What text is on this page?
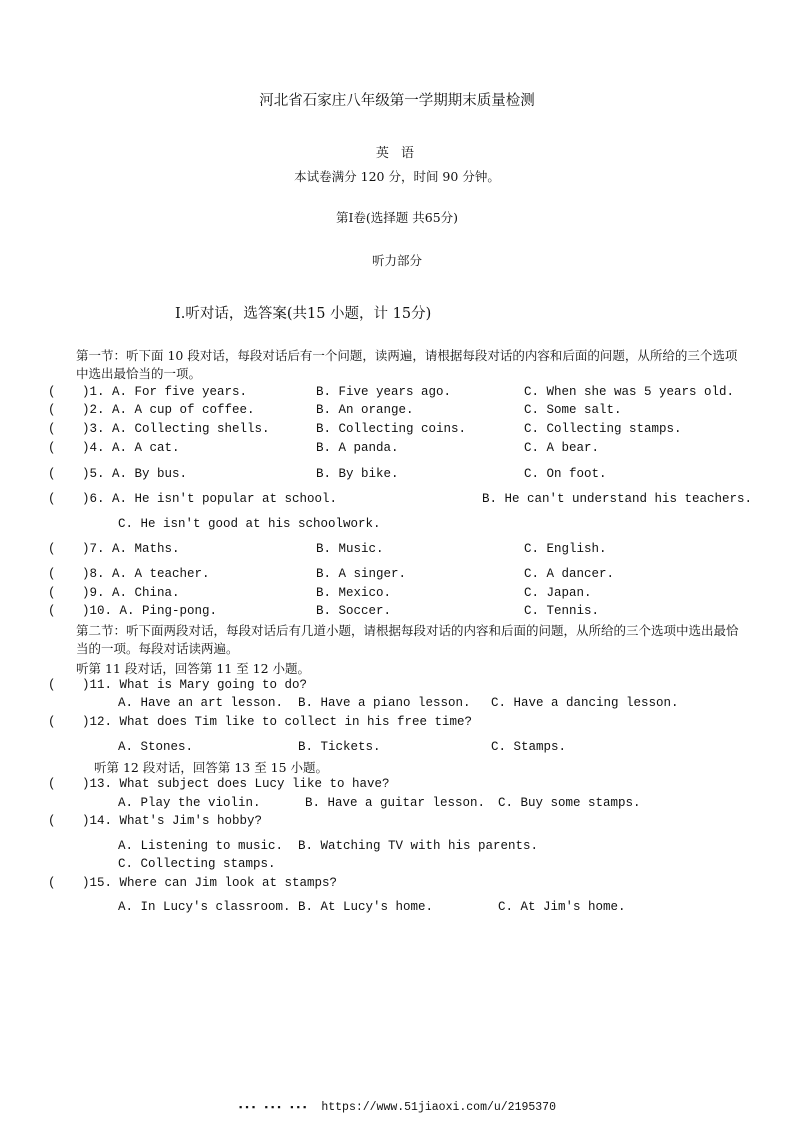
河北省石家庄八年级第一学期期末质量检测
英 语
本试卷满分 120 分，时间 90 分钟。
第Ⅰ卷(选择题 共65分)
听力部分
Ⅰ.听对话，选答案(共15 小题，计 15分)
第一节：听下面 10 段对话，每段对话后有一个问题，读两遍，请根据每段对话的内容和后面的问题，从所给的三个选项中选出最恰当的一项。
( )1. A. For five years.	B. Five years ago.	C. When she was 5 years old.
( )2. A. A cup of coffee.	B. An orange.	C. Some salt.
( )3. A. Collecting shells.	B. Collecting coins.	C. Collecting stamps.
( )4. A. A cat.	B. A panda.	C. A bear.
( )5. A. By bus.	B. By bike.	C. On foot.
( )6. A. He isn't popular at school.	B. He can't understand his teachers.
C. He isn't good at his schoolwork.
( )7. A. Maths.	B. Music.	C. English.
( )8. A. A teacher.	B. A singer.	C. A dancer.
( )9. A. China.	B. Mexico.	C. Japan.
( )10. A. Ping-pong.	B. Soccer.	C. Tennis.
第二节：听下面两段对话，每段对话后有几道小题，请根据每段对话的内容和后面的问题，从所给的三个选项中选出最恰当的一项。每段对话读两遍。
听第 11 段对话，回答第 11 至 12 小题。
( )11. What is Mary going to do?
A. Have an art lesson. B. Have a piano lesson. C. Have a dancing lesson.
( )12. What does Tim like to collect in his free time?
A. Stones.	B. Tickets.	C. Stamps.
听第 12 段对话，回答第 13 至 15 小题。
( )13. What subject does Lucy like to have?
A. Play the violin.	B. Have a guitar lesson. C. Buy some stamps.
( )14. What's Jim's hobby?
A. Listening to music. B. Watching TV with his parents.
C. Collecting stamps.
( )15. Where can Jim look at stamps?
A. In Lucy's classroom. B. At Lucy's home.	C. At Jim's home.
▪▪▪ ▪▪▪ ▪▪▪ https://www.51jiaoxi.com/u/2195370
